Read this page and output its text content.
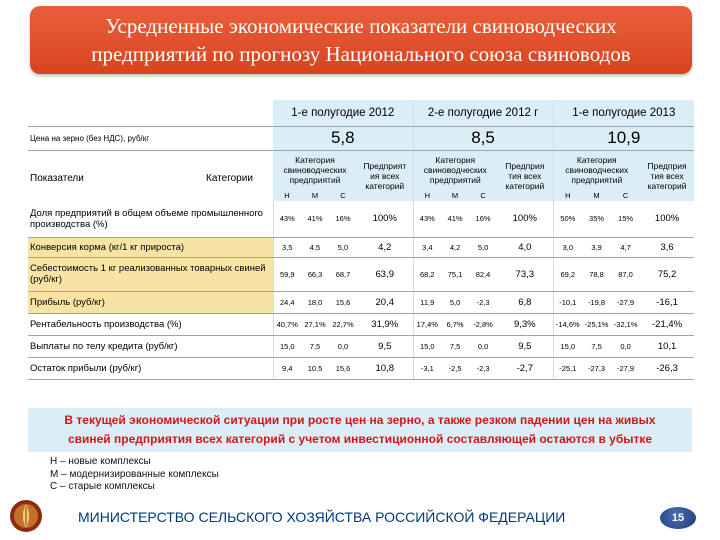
Усредненные экономические показатели свиноводческих
предприятий по прогнозу Национального союза свиноводов
	1-е полугодие 2012				2-е полугодие 2012 г				1-е полугодие 2013			
Цена на зерно (без НДС), руб/кг	5,8				8,5				10,9			

Показатели Категории	Категория
свиноводческих
предприятий			Предприят
ия всех
категорий	Категория
свиноводческих
предприятий			Предприя
тия всех
категорий	Категория
свиноводческих
предприятий			Предприя
тия всех
категорий
	Н	М	С		Н	М	С		Н	М	С	
Доля предприятий в общем объеме промышленного производства (%)	43%	41%	16%	100%	43%	41%	16%	100%	50%	35%	15%	100%
Конверсия корма (кг/1 кг прироста)	3,5	4,5	5,0	4,2	3,4	4,2	5,0	4,0	3,0	3,9	4,7	3,6
Себестоимость 1 кг реализованных товарных свиней (руб/кг)	59,9	66,3	68,7	63,9	68,2	75,1	82,4	73,3	69,2	78,8	87,0	75,2
Прибыль (руб/кг)	24,4	18,0	15,6	20,4	11,9	5,0	-2,3	6,8	-10,1	-19,8	-27,9	-16,1
Рентабельность производства (%)	40,7%	27,1%	22,7%	31,9%	17,4%	6,7%	-2,8%	9,3%	-14,6%	-25,1%	-32,1%	-21,4%
Выплаты по телу кредита (руб/кг)	15,0	7,5	0,0	9,5	15,0	7,5	0,0	9,5	15,0	7,5	0,0	10,1
Остаток прибыли (руб/кг)	9,4	10,5	15,6	10,8	-3,1	-2,5	-2,3	-2,7	-25,1	-27,3	-27,9	-26,3
В текущей экономической ситуации при росте цен на зерно, а также резком падении цен на живых
свиней предприятия всех категорий с учетом инвестиционной составляющей остаются в убытке
Н – новые комплексы
М – модернизированные комплексы
С – старые комплексы
МИНИСТЕРСТВО СЕЛЬСКОГО ХОЗЯЙСТВА РОССИЙСКОЙ ФЕДЕРАЦИИ	15
